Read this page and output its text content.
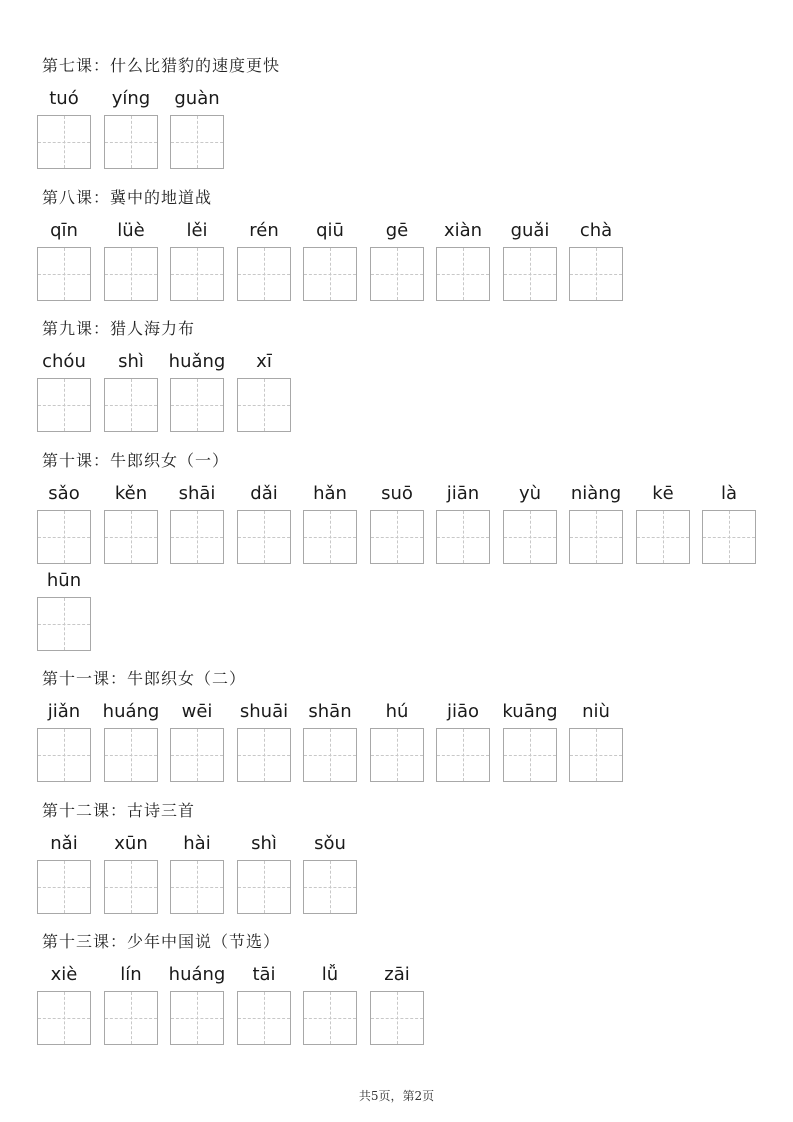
第七课：什么比猎豹的速度更快
tuó	yíng	guàn
第八课：冀中的地道战
qīn	lüè	lěi	rén	qiū	gē	xiàn	guǎi	chà
第九课：猎人海力布
chóu	shì	huǎng	xī
第十课：牛郎织女（一）
sǎo	kěn	shāi	dǎi	hǎn	suō	jiān	yù	niàng	kē	là
hūn
第十一课：牛郎织女（二）
jiǎn	huáng	wēi	shuāi	shān	hú	jiāo	kuāng	niù
第十二课：古诗三首
nǎi	xūn	hài	shì	sǒu
第十三课：少年中国说（节选）
xiè	lín	huáng	tāi	lǚ	zāi
共5页，第2页
